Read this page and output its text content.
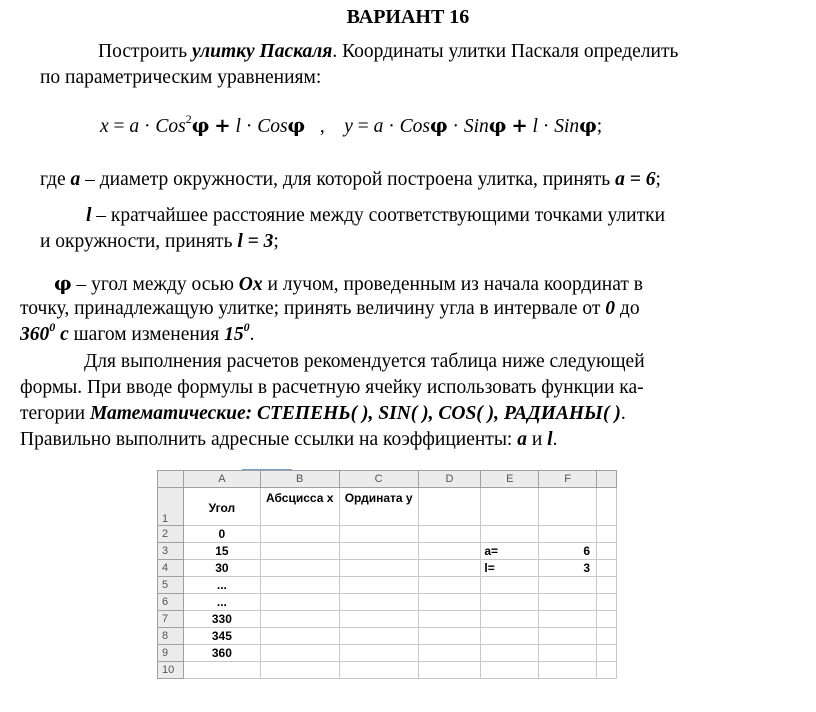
ВАРИАНТ 16
Построить улитку Паскаля. Координаты улитки Паскаля определить
по параметрическим уравнениям:
x = a · Cos$^2$φ + l · Cosφ , y = a · Cosφ · Sinφ + l · Sinφ;
где a – диаметр окружности, для которой построена улитка, принять a = 6;
l – кратчайшее расстояние между соответствующими точками улитки
и окружности, принять l = 3;
φ – угол между осью Ox и лучом, проведенным из начала координат в
точку, принадлежащую улитке; принять величину угла в интервале от 0 до
$360^0$ с шагом изменения $15^0$.
Для выполнения расчетов рекомендуется таблица ниже следующей
формы. При вводе формулы в расчетную ячейку использовать функции ка-
тегории Математические: СТЕПЕНЬ( ), SIN( ), COS( ), РАДИАНЫ( ).
Правильно выполнить адресные ссылки на коэффициенты: a и l.
	A	B	C	D	E	F	
1	Угол	Абсцисса x	Ордината y				
2	0						
3	15				a=	6	
4	30				l=	3	
5	...						
6	...						
7	330						
8	345						
9	360						
10							
